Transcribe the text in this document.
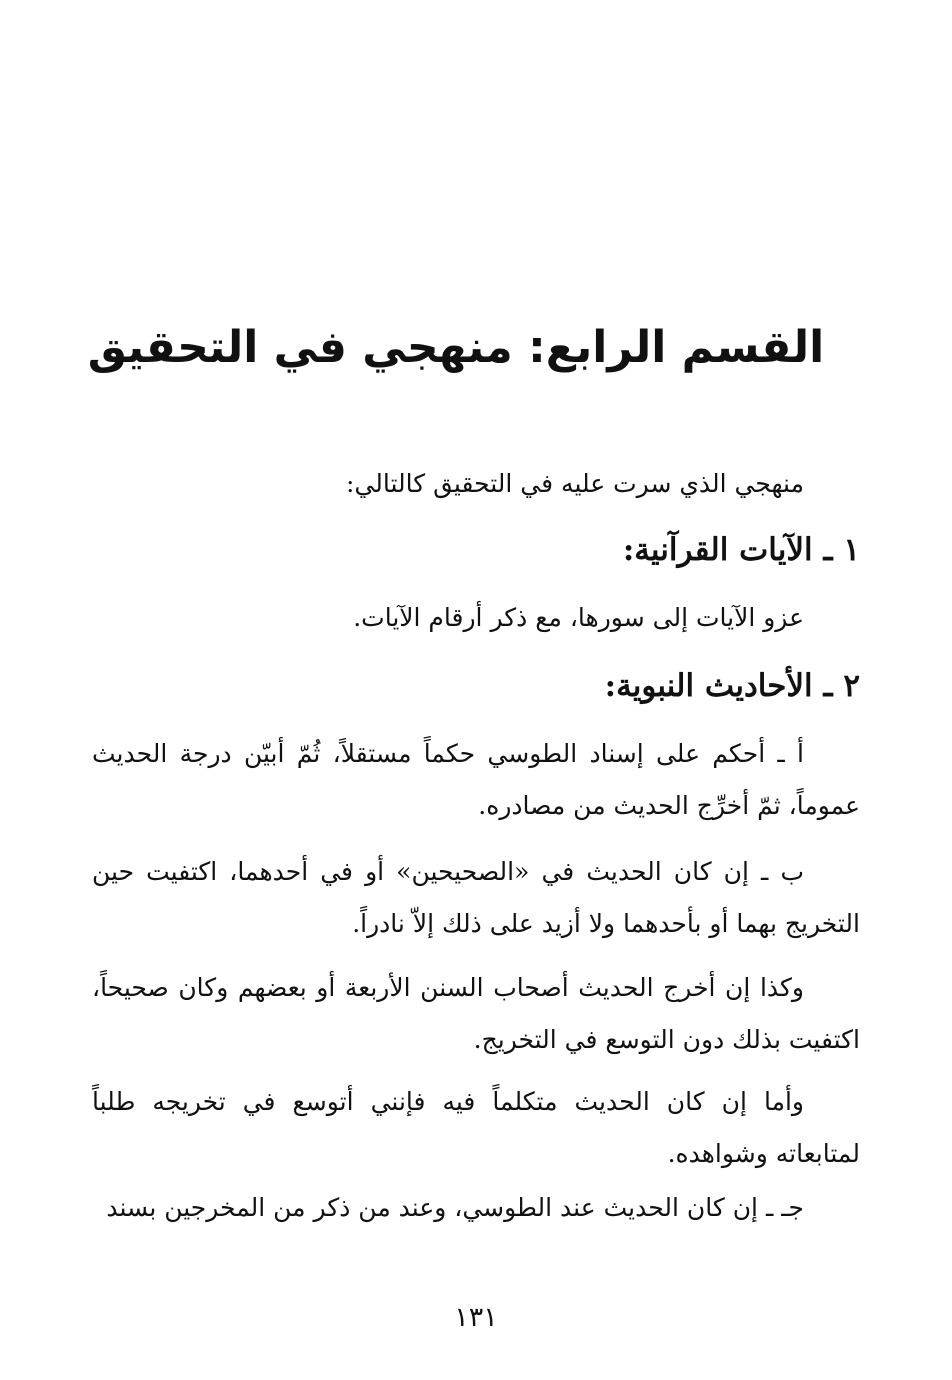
القسم الرابع: منهجي في التحقيق

منهجي الذي سرت عليه في التحقيق كالتالي:

١ ـ الآيات القرآنية:

عزو الآيات إلى سورها، مع ذكر أرقام الآيات.

٢ ـ الأحاديث النبوية:

أ ـ أحكم على إسناد الطوسي حكماً مستقلاً، ثُمّ أبيّن درجة الحديث عموماً، ثمّ أخرِّج الحديث من مصادره.

ب ـ إن كان الحديث في «الصحيحين» أو في أحدهما، اكتفيت حين التخريج بهما أو بأحدهما ولا أزيد على ذلك إلاّ نادراً.

وكذا إن أخرج الحديث أصحاب السنن الأربعة أو بعضهم وكان صحيحاً، اكتفيت بذلك دون التوسع في التخريج.

وأما إن كان الحديث متكلماً فيه فإنني أتوسع في تخريجه طلباً لمتابعاته وشواهده.

جـ ـ إن كان الحديث عند الطوسي، وعند من ذكر من المخرجين بسند

١٣١
